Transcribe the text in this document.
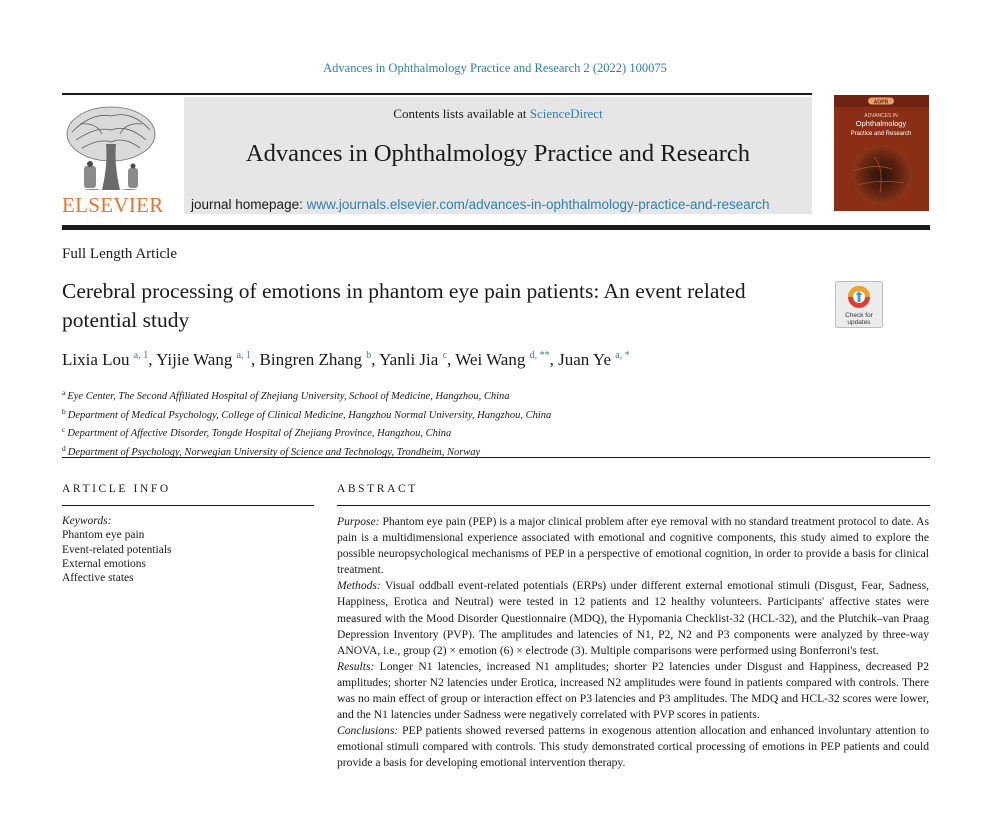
Advances in Ophthalmology Practice and Research 2 (2022) 100075
Contents lists available at ScienceDirect
Advances in Ophthalmology Practice and Research
journal homepage: www.journals.elsevier.com/advances-in-ophthalmology-practice-and-research
ELSEVIER
AOPR
ADVANCES IN
Ophthalmology
Practice and Research
Full Length Article
Cerebral processing of emotions in phantom eye pain patients: An event related potential study	Check for
updates
Lixia Lou $^{a, 1}$, Yijie Wang $^{a, 1}$, Bingren Zhang $^b$, Yanli Jia $^c$, Wei Wang $^{d, **}$, Juan Ye $^{a, *}$
$^a$ Eye Center, The Second Affiliated Hospital of Zhejiang University, School of Medicine, Hangzhou, China
$^b$ Department of Medical Psychology, College of Clinical Medicine, Hangzhou Normal University, Hangzhou, China
$^c$ Department of Affective Disorder, Tongde Hospital of Zhejiang Province, Hangzhou, China
$^d$ Department of Psychology, Norwegian University of Science and Technology, Trondheim, Norway
ARTICLE INFO
Keywords:
Phantom eye pain
Event-related potentials
External emotions
Affective states
ABSTRACT

Purpose: Phantom eye pain (PEP) is a major clinical problem after eye removal with no standard treatment protocol to date. As pain is a multidimensional experience associated with emotional and cognitive components, this study aimed to explore the possible neuropsychological mechanisms of PEP in a perspective of emotional cognition, in order to provide a basis for clinical treatment.

Methods: Visual oddball event-related potentials (ERPs) under different external emotional stimuli (Disgust, Fear, Sadness, Happiness, Erotica and Neutral) were tested in 12 patients and 12 healthy volunteers. Participants' affective states were measured with the Mood Disorder Questionnaire (MDQ), the Hypomania Checklist-32 (HCL-32), and the Plutchik–van Praag Depression Inventory (PVP). The amplitudes and latencies of N1, P2, N2 and P3 components were analyzed by three-way ANOVA, i.e., group (2) × emotion (6) × electrode (3). Multiple comparisons were performed using Bonferroni's test.

Results: Longer N1 latencies, increased N1 amplitudes; shorter P2 latencies under Disgust and Happiness, decreased P2 amplitudes; shorter N2 latencies under Erotica, increased N2 amplitudes were found in patients compared with controls. There was no main effect of group or interaction effect on P3 latencies and P3 amplitudes. The MDQ and HCL-32 scores were lower, and the N1 latencies under Sadness were negatively correlated with PVP scores in patients.

Conclusions: PEP patients showed reversed patterns in exogenous attention allocation and enhanced involuntary attention to emotional stimuli compared with controls. This study demonstrated cortical processing of emotions in PEP patients and could provide a basis for developing emotional intervention therapy.
